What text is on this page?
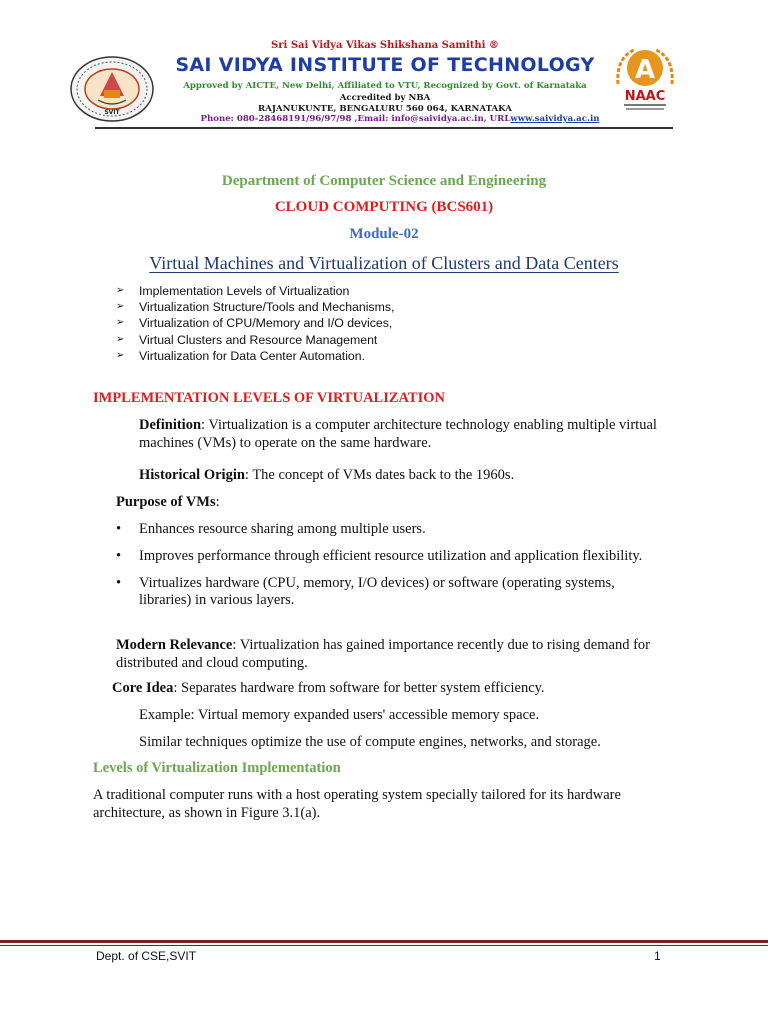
SVIT
Sri Sai Vidya Vikas Shikshana Samithi ®
SAI VIDYA INSTITUTE OF TECHNOLOGY
Approved by AICTE, New Delhi, Affiliated to VTU, Recognized by Govt. of Karnataka
Accredited by NBA
RAJANUKUNTE, BENGALURU 560 064, KARNATAKA
Phone: 080-28468191/96/97/98 ,Email: info@saividya.ac.in, URLwww.saividya.ac.in
A
NAAC
Department of Computer Science and Engineering
CLOUD COMPUTING (BCS601)
Module-02
Virtual Machines and Virtualization of Clusters and Data Centers
➢	Implementation Levels of Virtualization
➢	Virtualization Structure/Tools and Mechanisms,
➢	Virtualization of CPU/Memory and I/O devices,
➢	Virtual Clusters and Resource Management
➢	Virtualization for Data Center Automation.
IMPLEMENTATION LEVELS OF VIRTUALIZATION
Definition: Virtualization is a computer architecture technology enabling multiple virtual machines (VMs) to operate on the same hardware.
Historical Origin: The concept of VMs dates back to the 1960s.
Purpose of VMs:
• Enhances resource sharing among multiple users.
• Improves performance through efficient resource utilization and application flexibility.
• Virtualizes hardware (CPU, memory, I/O devices) or software (operating systems, libraries) in various layers.
Modern Relevance: Virtualization has gained importance recently due to rising demand for distributed and cloud computing.
Core Idea: Separates hardware from software for better system efficiency.
Example: Virtual memory expanded users' accessible memory space.
Similar techniques optimize the use of compute engines, networks, and storage.
Levels of Virtualization Implementation
A traditional computer runs with a host operating system specially tailored for its hardware architecture, as shown in Figure 3.1(a).
Dept. of CSE,SVIT	1
